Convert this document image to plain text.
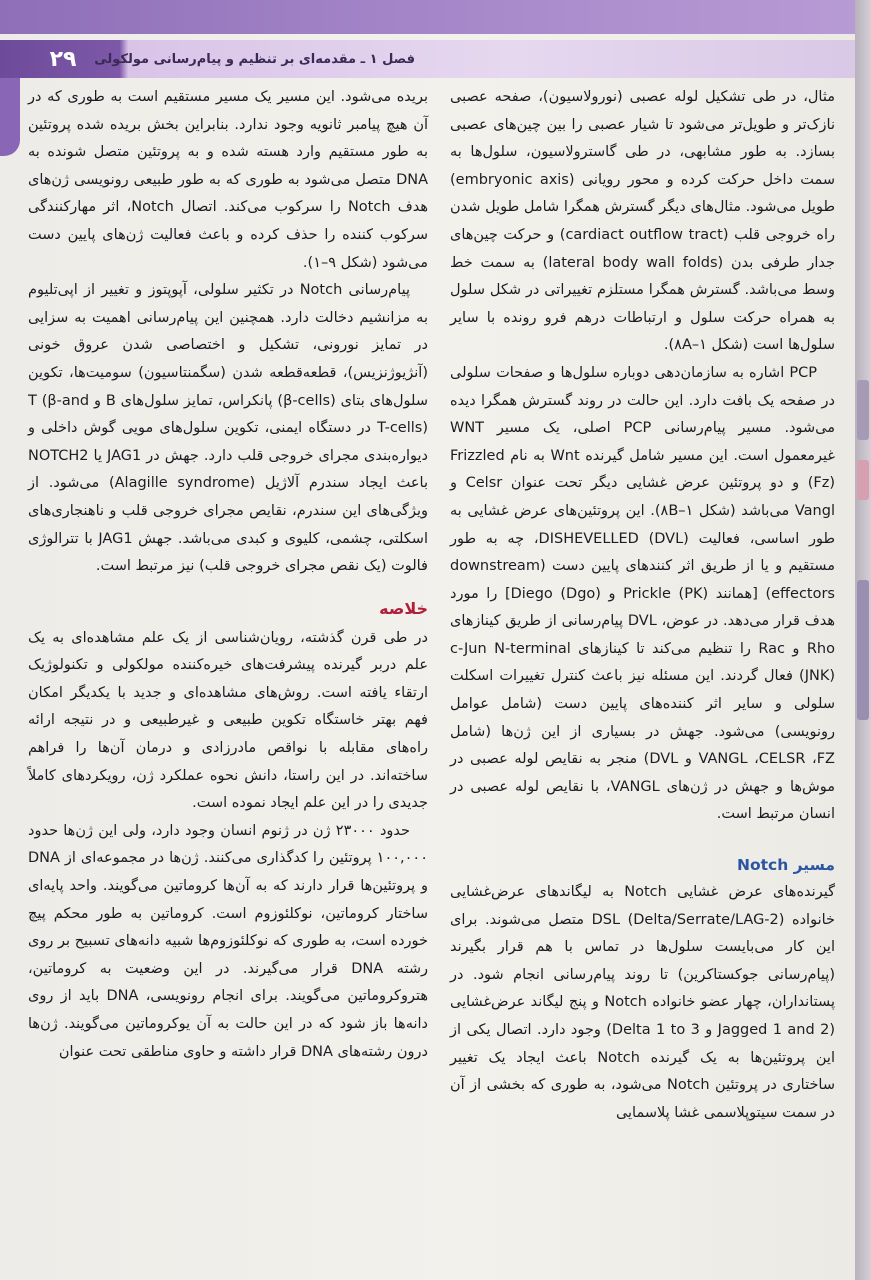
۲۹	فصل ۱ ـ مقدمه‌ای بر تنظیم و پیام‌رسانی مولکولی

مثال، در طی تشکیل لوله عصبی (نورولاسیون)، صفحه عصبی نازک‌تر و طویل‌تر می‌شود تا شیار عصبی را بین چین‌های عصبی بسازد. به طور مشابهی، در طی گاسترولاسیون، سلول‌ها به سمت داخل حرکت کرده و محور رویانی (embryonic axis) طویل می‌شود. مثال‌های دیگر گسترش همگرا شامل طویل شدن راه خروجی قلب (cardiact outflow tract) و حرکت چین‌های جدار طرفی بدن (lateral body wall folds) به سمت خط وسط می‌باشد. گسترش همگرا مستلزم تغییراتی در شکل سلول به همراه حرکت سلول و ارتباطات درهم فرو رونده با سایر سلول‌ها است (شکل ۸A–۱).

PCP اشاره به سازمان‌دهی دوباره سلول‌ها و صفحات سلولی در صفحه یک بافت دارد. این حالت در روند گسترش همگرا دیده می‌شود. مسیر پیام‌رسانی PCP اصلی، یک مسیر WNT غیرمعمول است. این مسیر شامل گیرنده Wnt به نام Frizzled (Fz) و دو پروتئین عرض غشایی دیگر تحت عنوان Celsr و Vangl می‌باشد (شکل ۸B–۱). این پروتئین‌های عرض غشایی به طور اساسی، فعالیت DISHEVELLED (DVL)، چه به طور مستقیم و یا از طریق اثر کنندهای پایین دست (downstream effectors) [همانند Prickle (PK) و Diego (Dgo)] را مورد هدف قرار می‌دهد. در عوض، DVL پیام‌رسانی از طریق کینازهای Rho و Rac را تنظیم می‌کند تا کینازهای c-Jun N-terminal (JNK) فعال گردند. این مسئله نیز باعث کنترل تغییرات اسکلت سلولی و سایر اثر کننده‌های پایین دست (شامل عوامل رونویسی) می‌شود. جهش در بسیاری از این ژن‌ها (شامل VANGL ،CELSR ،FZ و DVL) منجر به نقایص لوله عصبی در موش‌ها و جهش در ژن‌های VANGL، با نقایص لوله عصبی در انسان مرتبط است.

مسیر Notch

گیرنده‌های عرض غشایی Notch به لیگاندهای عرض‌غشایی خانواده DSL (Delta/Serrate/LAG-2) متصل می‌شوند. برای این کار می‌بایست سلول‌ها در تماس با هم قرار بگیرند (پیام‌رسانی جوکستاکرین) تا روند پیام‌رسانی انجام شود. در پستانداران، چهار عضو خانواده Notch و پنج لیگاند عرض‌غشایی (Jagged 1 and 2 و Delta 1 to 3) وجود دارد. اتصال یکی از این پروتئین‌ها به یک گیرنده Notch باعث ایجاد یک تغییر ساختاری در پروتئین Notch می‌شود، به طوری که بخشی از آن در سمت سیتوپلاسمی غشا پلاسمایی

بریده می‌شود. این مسیر یک مسیر مستقیم است به طوری که در آن هیچ پیامبر ثانویه وجود ندارد. بنابراین بخش بریده شده پروتئین به طور مستقیم وارد هسته شده و به پروتئین متصل شونده به DNA متصل می‌شود به طوری که به طور طبیعی رونویسی ژن‌های هدف Notch را سرکوب می‌کند. اتصال Notch، اثر مهارکنندگی سرکوب کننده را حذف کرده و باعث فعالیت ژن‌های پایین دست می‌شود (شکل ۹–۱).

پیام‌رسانی Notch در تکثیر سلولی، آپوپتوز و تغییر از اپی‌تلیوم به مزانشیم دخالت دارد. همچنین این پیام‌رسانی اهمیت به سزایی در تمایز نورونی، تشکیل و اختصاصی شدن عروق خونی (آنژیوژنزیس)، قطعه‌قطعه شدن (سگمنتاسیون) سومیت‌ها، تکوین سلول‌های بتای (β-cells) پانکراس، تمایز سلول‌های B و T (β-and T-cells) در دستگاه ایمنی، تکوین سلول‌های مویی گوش داخلی و دیواره‌بندی مجرای خروجی قلب دارد. جهش در JAG1 یا NOTCH2 باعث ایجاد سندرم آلاژیل (Alagille syndrome) می‌شود. از ویژگی‌های این سندرم، نقایص مجرای خروجی قلب و ناهنجاری‌های اسکلتی، چشمی، کلیوی و کبدی می‌باشد. جهش JAG1 با تترالوژی فالوت (یک نقص مجرای خروجی قلب) نیز مرتبط است.

خلاصه

در طی قرن گذشته، رویان‌شناسی از یک علم مشاهده‌ای به یک علم دربر گیرنده پیشرفت‌های خیره‌کننده مولکولی و تکنولوژیک ارتقاء یافته است. روش‌های مشاهده‌ای و جدید با یکدیگر امکان فهم بهتر خاستگاه تکوین طبیعی و غیرطبیعی و در نتیجه ارائه راه‌های مقابله با نواقص مادرزادی و درمان آن‌ها را فراهم ساخته‌اند. در این راستا، دانش نحوه عملکرد ژن، رویکردهای کاملاً جدیدی را در این علم ایجاد نموده است.

حدود ۲۳۰۰۰ ژن در ژنوم انسان وجود دارد، ولی این ژن‌ها حدود ۱۰۰,۰۰۰ پروتئین را کدگذاری می‌کنند. ژن‌ها در مجموعه‌ای از DNA و پروتئین‌ها قرار دارند که به آن‌ها کروماتین می‌گویند. واحد پایه‌ای ساختار کروماتین، نوکلئوزوم است. کروماتین به طور محکم پیچ خورده است، به طوری که نوکلئوزوم‌ها شبیه دانه‌های تسبیح بر روی رشته DNA قرار می‌گیرند. در این وضعیت به کروماتین، هتروکروماتین می‌گویند. برای انجام رونویسی، DNA باید از روی دانه‌ها باز شود که در این حالت به آن یوکروماتین می‌گویند. ژن‌ها درون رشته‌های DNA قرار داشته و حاوی مناطقی تحت عنوان
